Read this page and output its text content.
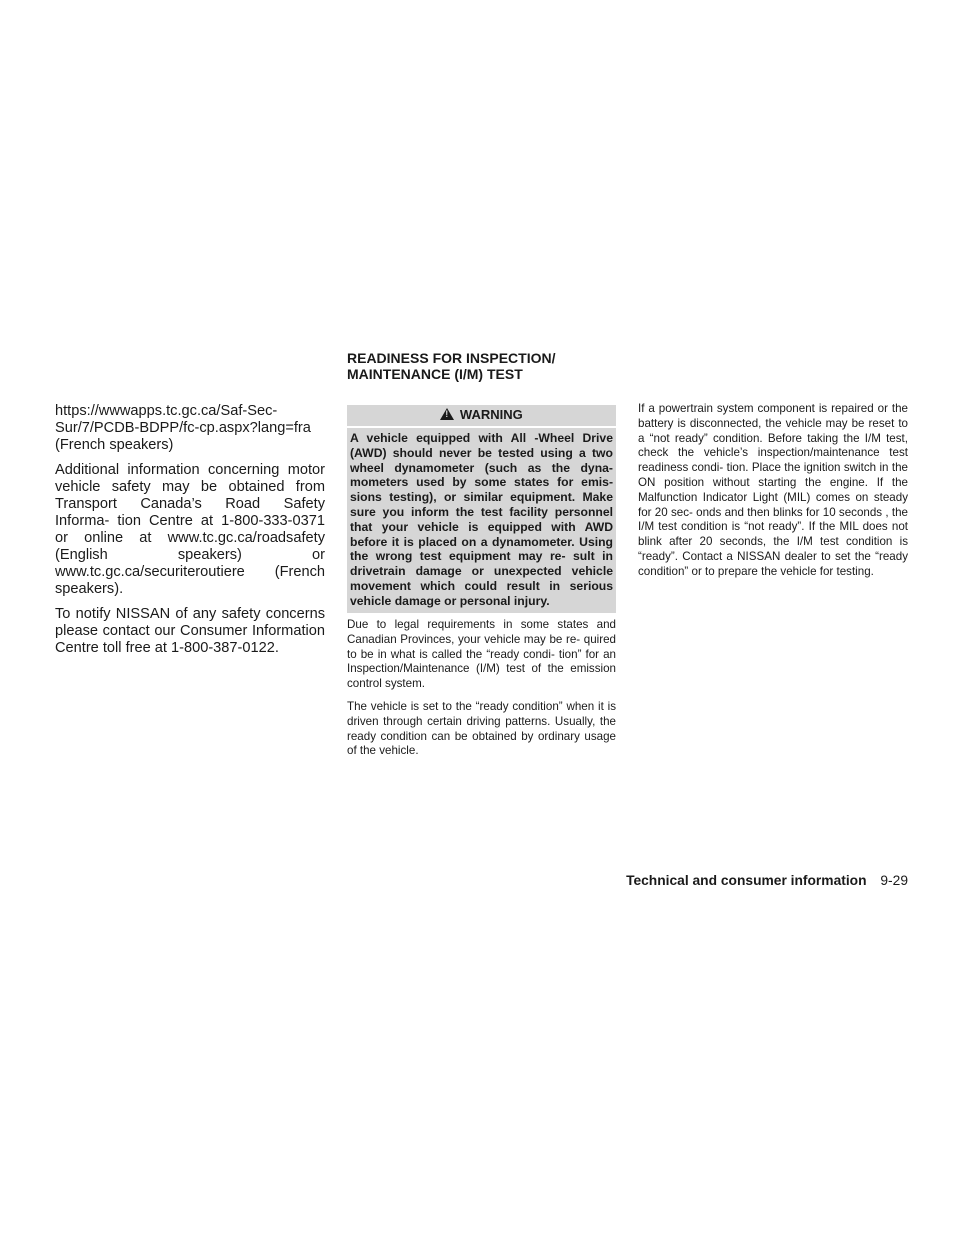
https://wwwapps.tc.gc.ca/Saf-Sec-Sur/7/PCDB-BDPP/fc-cp.aspx?lang=fra (French speakers)

Additional information concerning motor vehicle safety may be obtained from Transport Canada’s Road Safety Informa- tion Centre at 1-800-333-0371 or online at www.tc.gc.ca/roadsafety (English speakers) or www.tc.gc.ca/securiteroutiere (French speakers).

To notify NISSAN of any safety concerns please contact our Consumer Information Centre toll free at 1-800-387-0122.

READINESS FOR INSPECTION/ MAINTENANCE (I/M) TEST
! WARNING
A vehicle equipped with All -Wheel Drive (AWD) should never be tested using a two wheel dynamometer (such as the dyna- mometers used by some states for emis- sions testing), or similar equipment. Make sure you inform the test facility personnel that your vehicle is equipped with AWD before it is placed on a dynamometer. Using the wrong test equipment may re- sult in drivetrain damage or unexpected vehicle movement which could result in serious vehicle damage or personal injury.

Due to legal requirements in some states and Canadian Provinces, your vehicle may be re- quired to be in what is called the “ready condi- tion” for an Inspection/Maintenance (I/M) test of the emission control system.

The vehicle is set to the “ready condition” when it is driven through certain driving patterns. Usually, the ready condition can be obtained by ordinary usage of the vehicle.

If a powertrain system component is repaired or the battery is disconnected, the vehicle may be reset to a “not ready” condition. Before taking the I/M test, check the vehicle’s inspection/maintenance test readiness condi- tion. Place the ignition switch in the ON position without starting the engine. If the Malfunction Indicator Light (MIL) comes on steady for 20 sec- onds and then blinks for 10 seconds , the I/M test condition is “not ready”. If the MIL does not blink after 20 seconds, the I/M test condition is “ready”. Contact a NISSAN dealer to set the “ready condition” or to prepare the vehicle for testing.

Technical and consumer information 9-29
